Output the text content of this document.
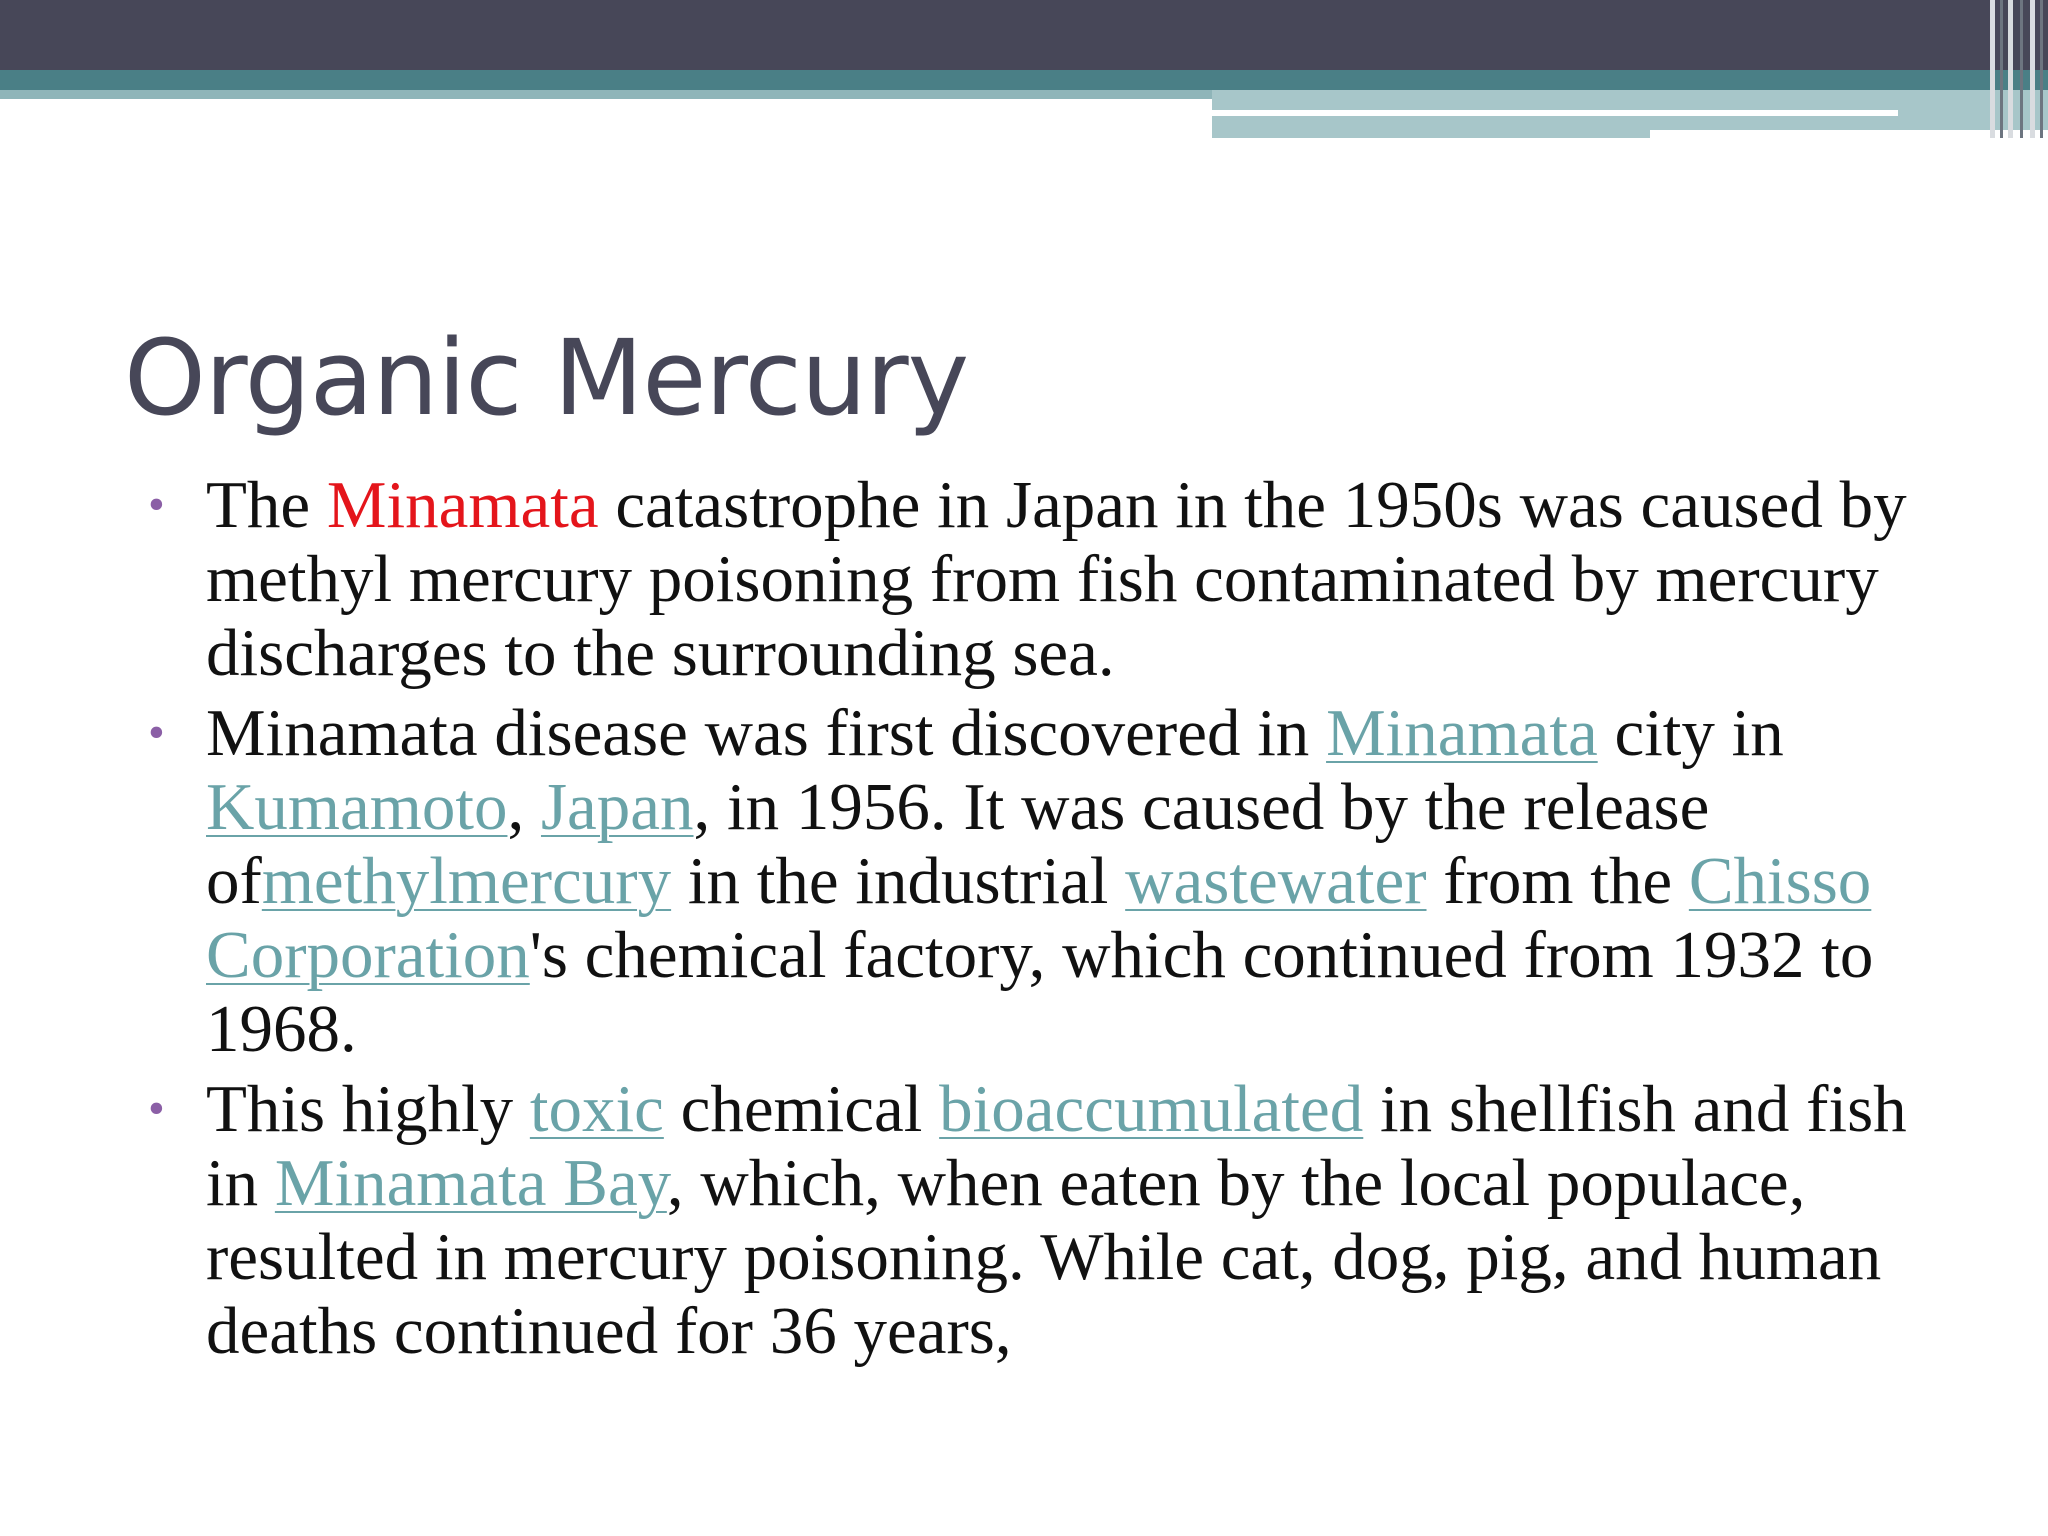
Organic Mercury
• The Minamata catastrophe in Japan in the 1950s was caused by methyl mercury poisoning from fish contaminated by mercury discharges to the surrounding sea.
• Minamata disease was first discovered in Minamata city in Kumamoto, Japan, in 1956. It was caused by the release ofmethylmercury in the industrial wastewater from the Chisso Corporation's chemical factory, which continued from 1932 to 1968.
• This highly toxic chemical bioaccumulated in shellfish and fish in Minamata Bay, which, when eaten by the local populace, resulted in mercury poisoning. While cat, dog, pig, and human deaths continued for 36 years,
